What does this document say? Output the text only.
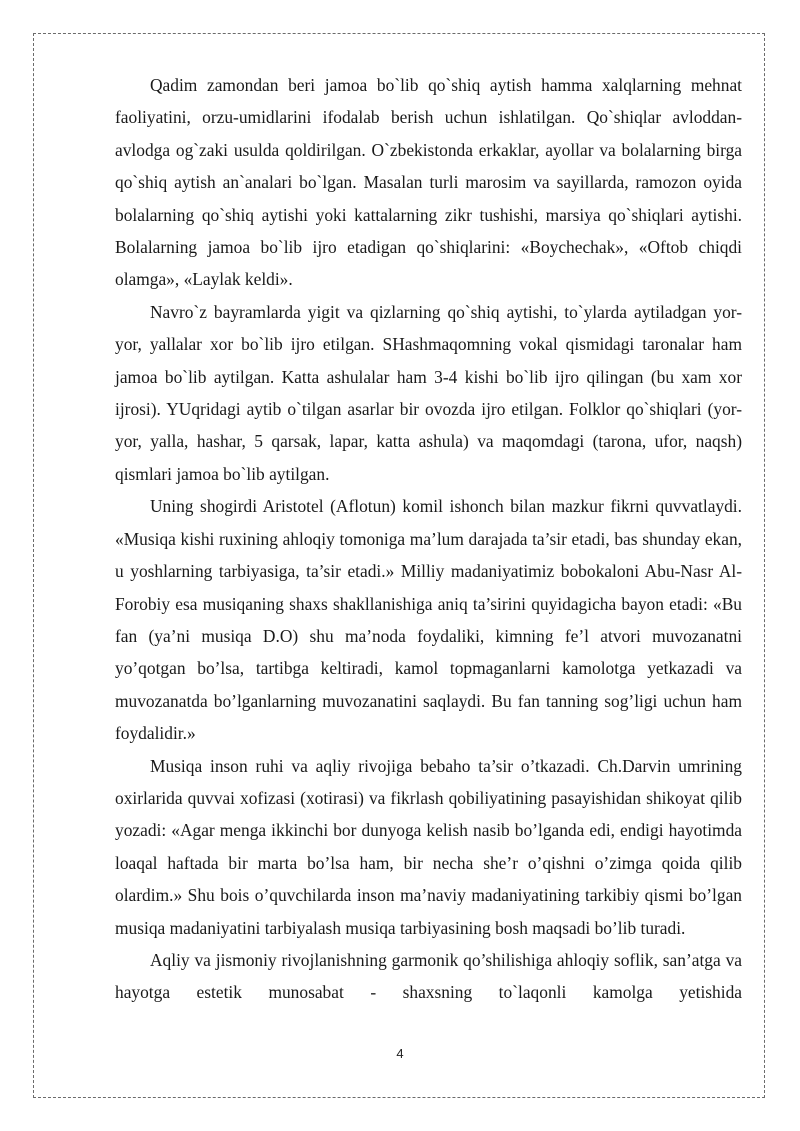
Qadim zamondan beri jamoa bo`lib qo`shiq aytish hamma xalqlarning mehnat faoliyatini, orzu-umidlarini ifodalab berish uchun ishlatilgan. Qo`shiqlar avloddan-avlodga og`zaki usulda qoldirilgan. O`zbekistonda erkaklar, ayollar va bolalarning birga qo`shiq aytish an`analari bo`lgan. Masalan turli marosim va sayillarda, ramozon oyida bolalarning qo`shiq aytishi yoki kattalarning zikr tushishi, marsiya qo`shiqlari aytishi. Bolalarning jamoa bo`lib ijro etadigan qo`shiqlarini: «Boychechak», «Oftob chiqdi olamga», «Laylak keldi».

Navro`z bayramlarda yigit va qizlarning qo`shiq aytishi, to`ylarda aytiladgan yor-yor, yallalar xor bo`lib ijro etilgan. SHashmaqomning vokal qismidagi taronalar ham jamoa bo`lib aytilgan. Katta ashulalar ham 3-4 kishi bo`lib ijro qilingan (bu xam xor ijrosi). YUqridagi aytib o`tilgan asarlar bir ovozda ijro etilgan. Folklor qo`shiqlari (yor-yor, yalla, hashar, 5 qarsak, lapar, katta ashula) va maqomdagi (tarona, ufor, naqsh) qismlari jamoa bo`lib aytilgan.

Uning shogirdi Aristotel (Aflotun) komil ishonch bilan mazkur fikrni quvvatlaydi. «Musiqa kishi ruxining ahloqiy tomoniga ma’lum darajada ta’sir etadi, bas shunday ekan, u yoshlarning tarbiyasiga, ta’sir etadi.» Milliy madaniyatimiz bobokaloni Abu-Nasr Al-Forobiy esa musiqaning shaxs shakllanishiga aniq ta’sirini quyidagicha bayon etadi: «Bu fan (ya’ni musiqa D.O) shu ma’noda foydaliki, kimning fe’l atvori muvozanatni yo’qotgan bo’lsa, tartibga keltiradi, kamol topmaganlarni kamolotga yetkazadi va muvozanatda bo’lganlarning muvozanatini saqlaydi. Bu fan tanning sog’ligi uchun ham foydalidir.»

Musiqa inson ruhi va aqliy rivojiga bebaho ta’sir o’tkazadi. Ch.Darvin umrining oxirlarida quvvai xofizasi (xotirasi) va fikrlash qobiliyatining pasayishidan shikoyat qilib yozadi: «Agar menga ikkinchi bor dunyoga kelish nasib bo’lganda edi, endigi hayotimda loaqal haftada bir marta bo’lsa ham, bir necha she’r o’qishni o’zimga qoida qilib olardim.» Shu bois o’quvchilarda inson ma’naviy madaniyatining tarkibiy qismi bo’lgan musiqa madaniyatini tarbiyalash musiqa tarbiyasining bosh maqsadi bo’lib turadi.

Aqliy va jismoniy rivojlanishning garmonik qo’shilishiga ahloqiy soflik, san’atga va hayotga estetik munosabat - shaxsning to`laqonli kamolga yetishida

4
